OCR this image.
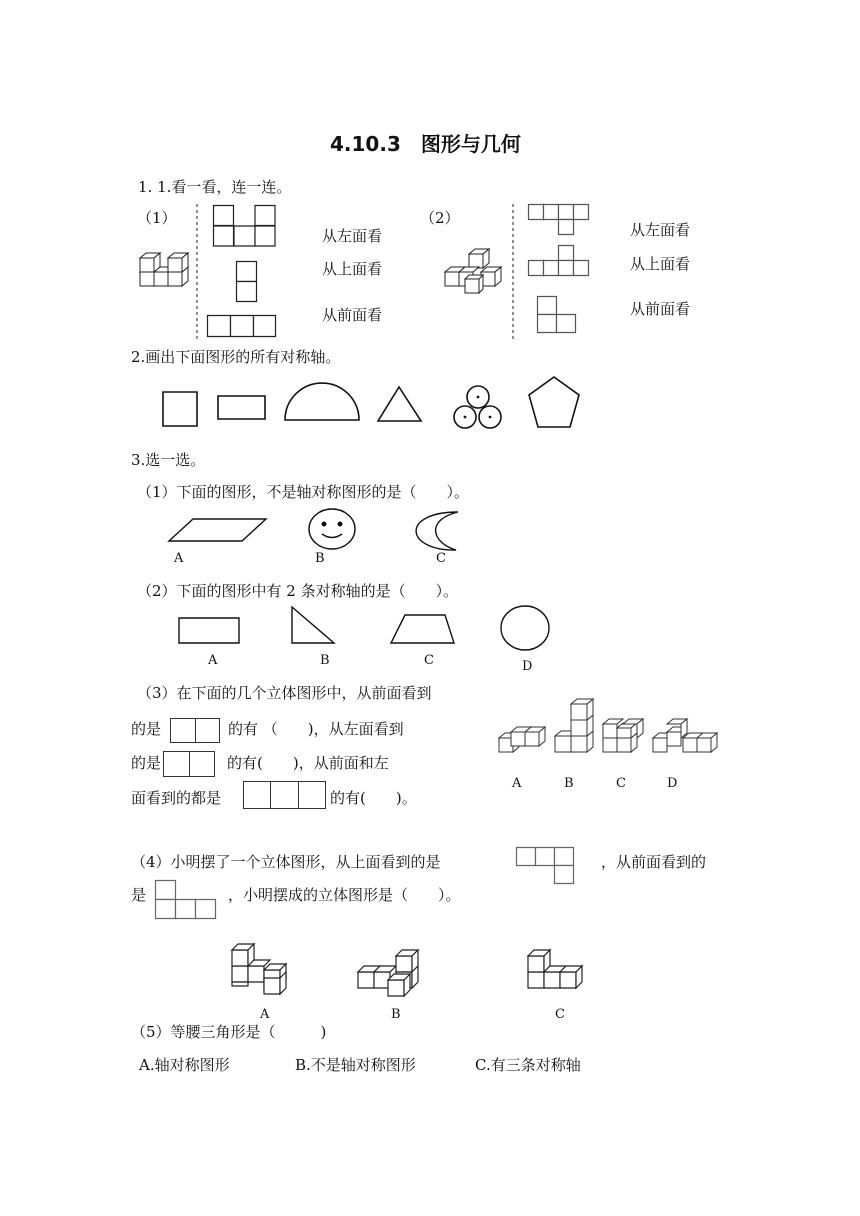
4.10.3　图形与几何
1. 1.看一看，连一连。
（1）	（2）
从左面看
从上面看
从前面看
从左面看
从上面看
从前面看
2.画出下面图形的所有对称轴。
3.选一选。
（1）下面的图形，不是轴对称图形的是（　　）。
A	B	C
（2）下面的图形中有 2 条对称轴的是（　　）。
A	B	C	D
（3）在下面的几个立体图形中，从前面看到
的是	的有 （　　)，从左面看到
的是	的有(　　)，从前面和左
面看到的都是	的有(　　)。
A	B	C	D
（4）小明摆了一个立体图形，从上面看到的是	，从前面看到的
是	，小明摆成的立体图形是（　　）。
A	B	C
（5）等腰三角形是（　　　)
A.轴对称图形	B.不是轴对称图形	C.有三条对称轴
